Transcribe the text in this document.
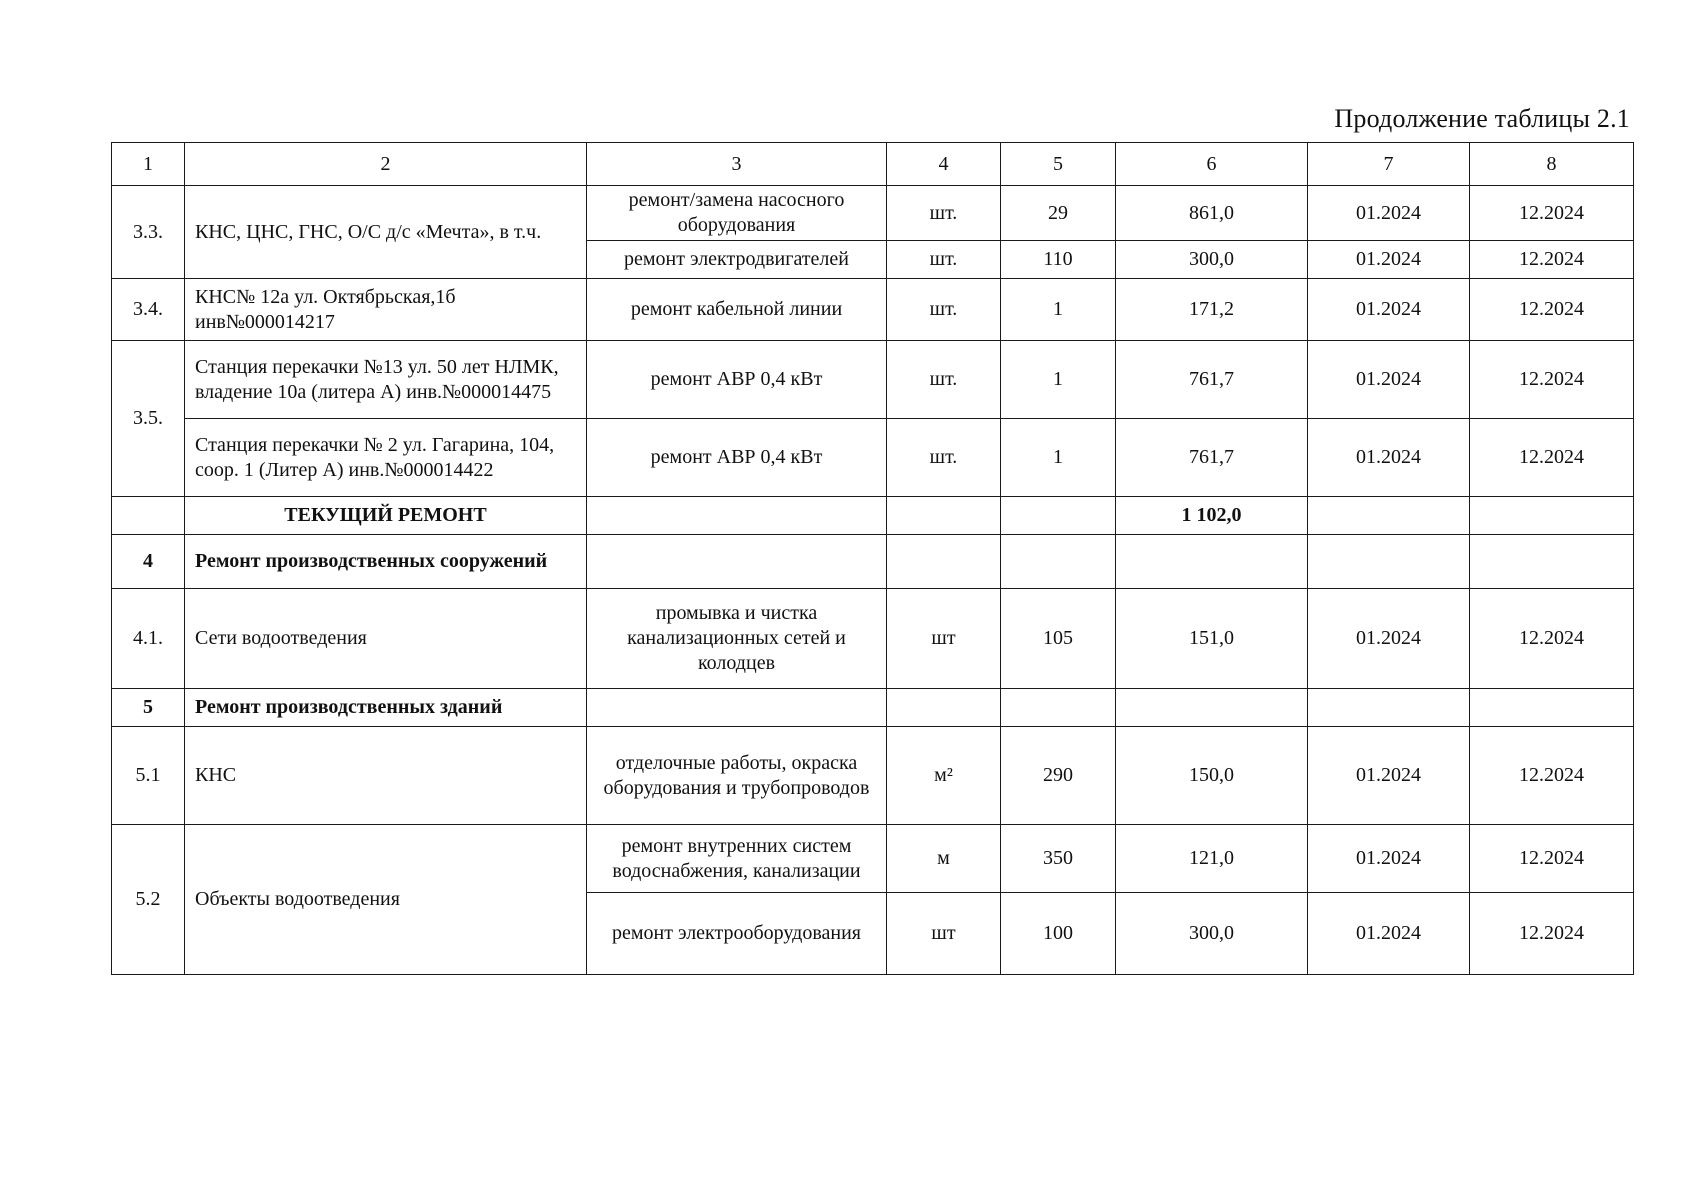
Продолжение таблицы 2.1
1	2	3	4	5	6	7	8
3.3.	КНС, ЦНС, ГНС, О/С д/с «Мечта», в т.ч.	ремонт/замена насосного оборудования	шт.	29	861,0	01.2024	12.2024
		ремонт электродвигателей	шт.	110	300,0	01.2024	12.2024
3.4.	КНС№ 12а ул. Октябрьская,1б инв№000014217	ремонт кабельной линии	шт.	1	171,2	01.2024	12.2024
3.5.	Станция перекачки №13 ул. 50 лет НЛМК, владение 10а (литера А) инв.№000014475	ремонт АВР 0,4 кВт	шт.	1	761,7	01.2024	12.2024
	Станция перекачки № 2 ул. Гагарина, 104, соор. 1 (Литер А) инв.№000014422	ремонт АВР 0,4 кВт	шт.	1	761,7	01.2024	12.2024
	ТЕКУЩИЙ РЕМОНТ				1 102,0		
4	Ремонт производственных сооружений						
4.1.	Сети водоотведения	промывка и чистка канализационных сетей и колодцев	шт	105	151,0	01.2024	12.2024
5	Ремонт производственных зданий						
5.1	КНС	отделочные работы, окраска оборудования и трубопроводов	м²	290	150,0	01.2024	12.2024
5.2	Объекты водоотведения	ремонт внутренних систем водоснабжения, канализации	м	350	121,0	01.2024	12.2024
		ремонт электрооборудования	шт	100	300,0	01.2024	12.2024
